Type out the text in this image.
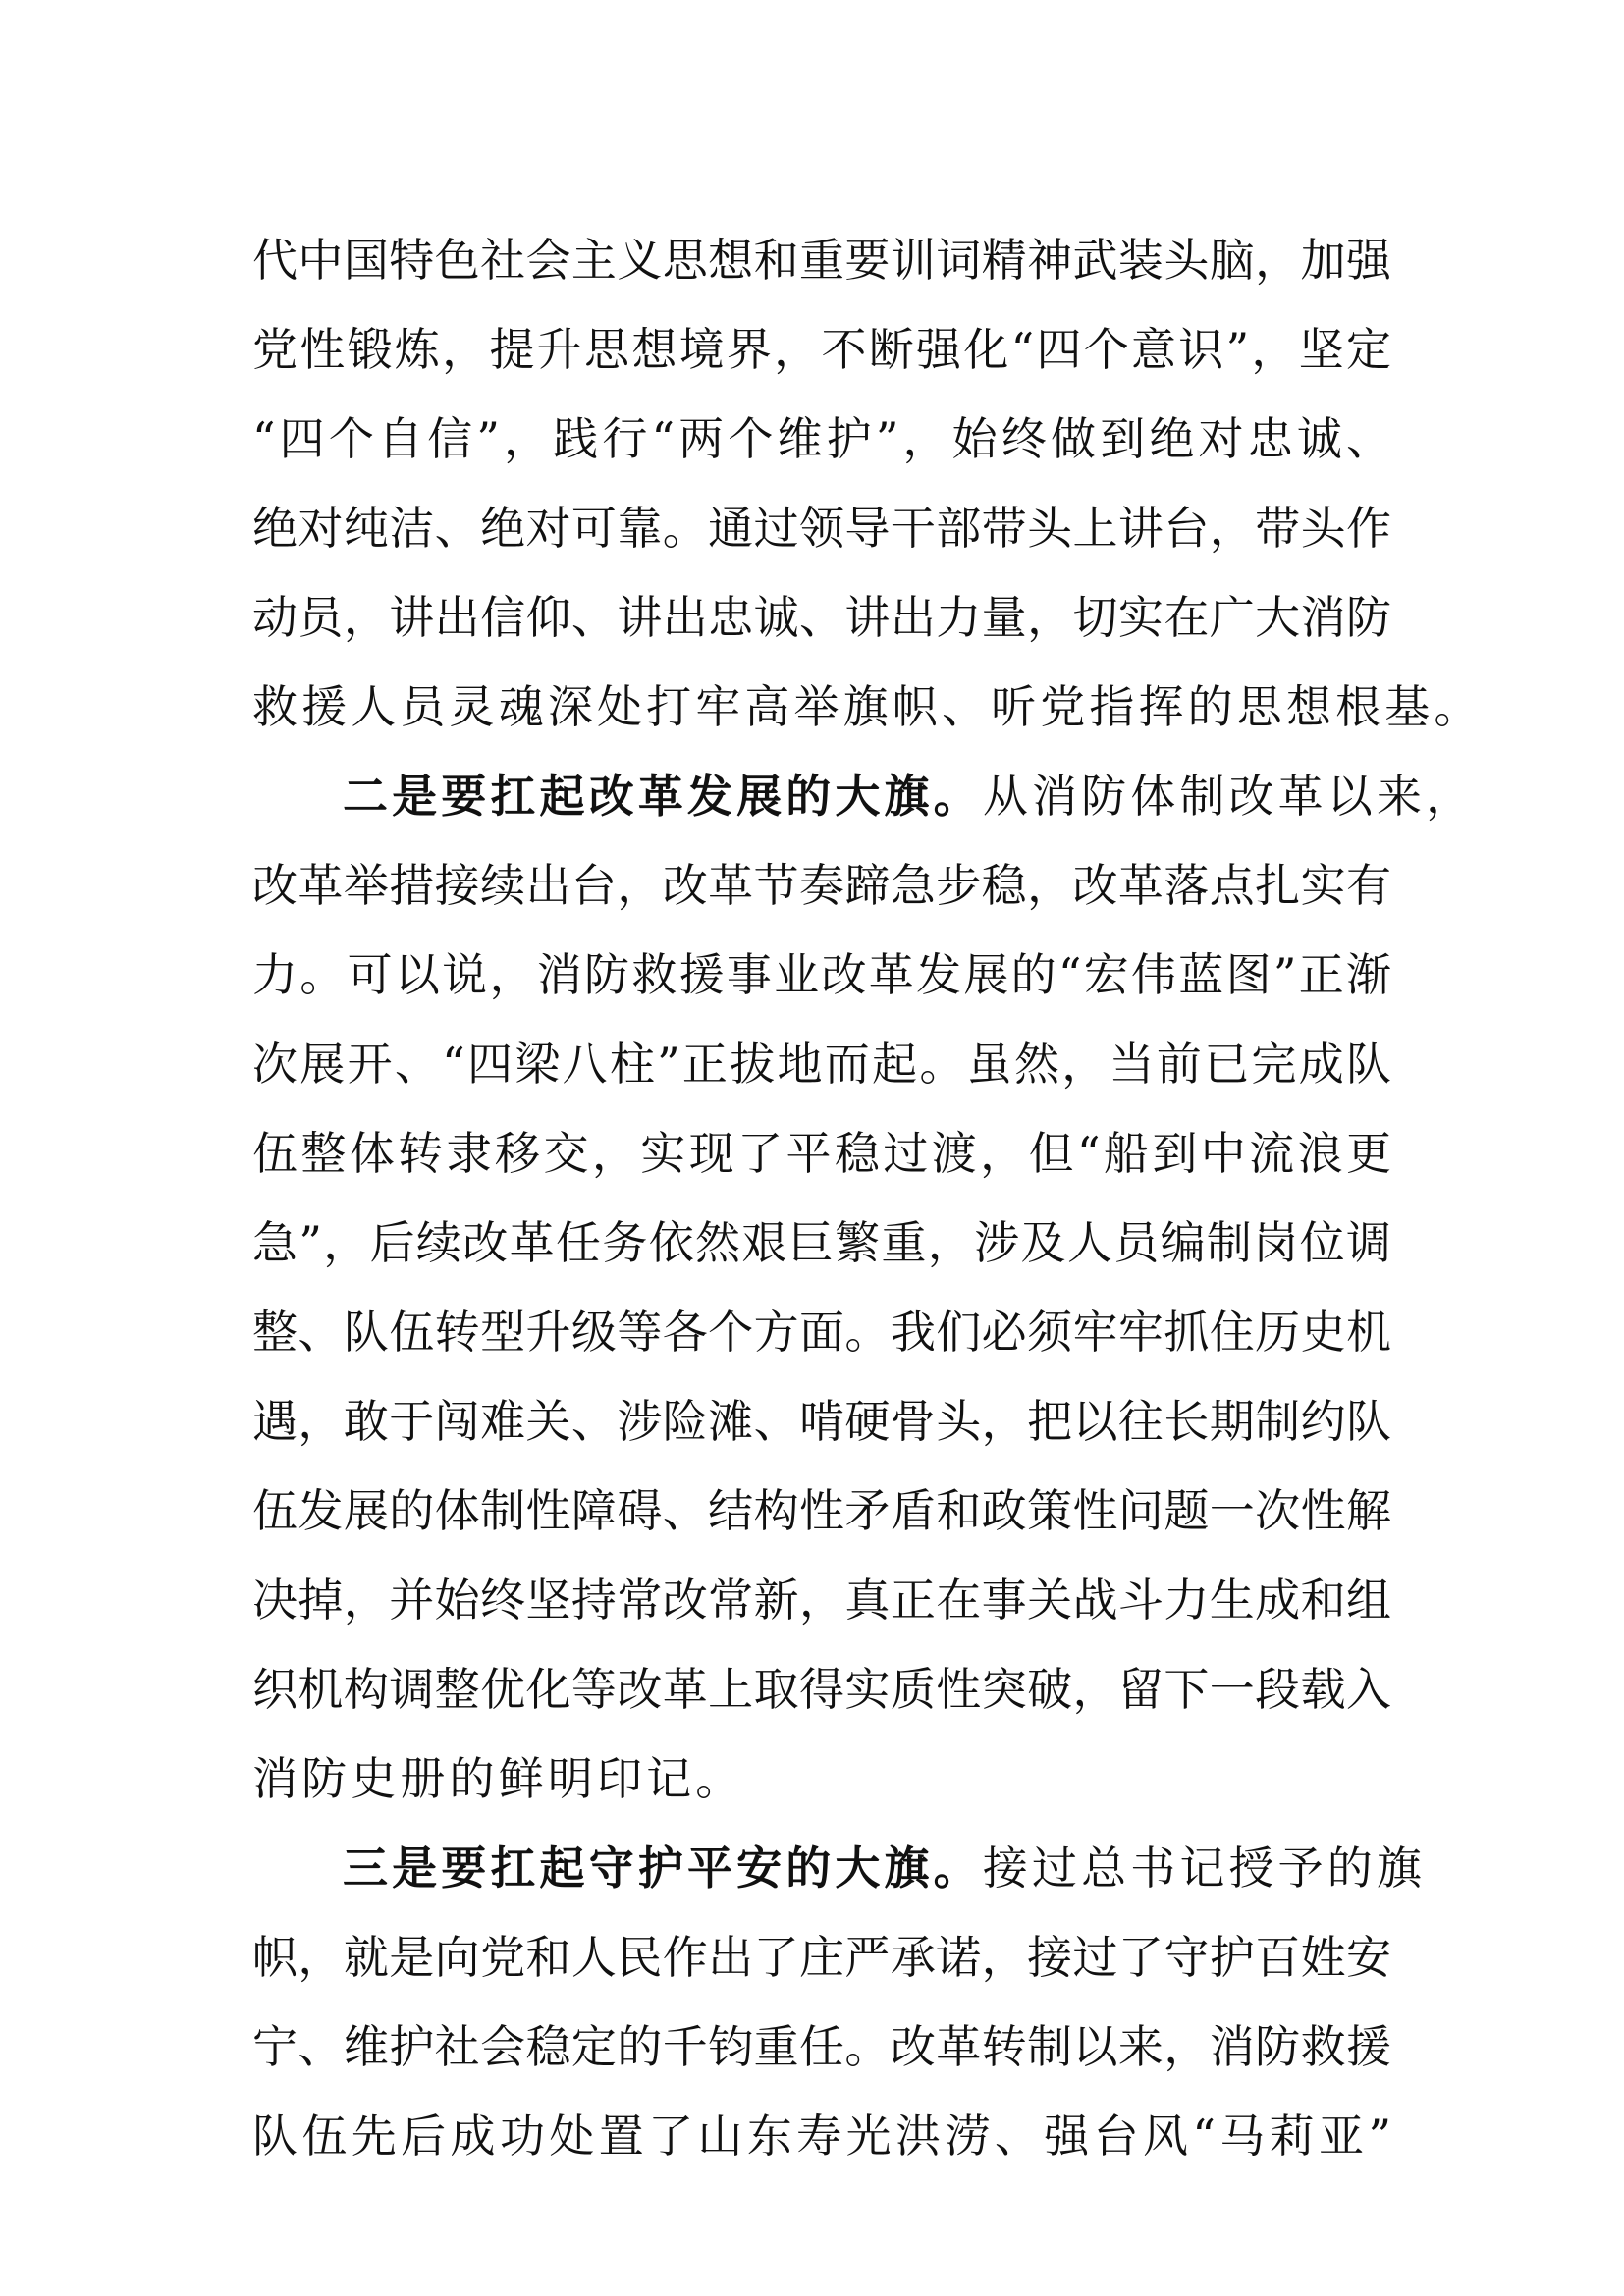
代中国特色社会主义思想和重要训词精神武装头脑，加强
党性锻炼，提升思想境界，不断强化“四个意识”，坚定
“四个自信”，践行“两个维护”，始终做到绝对忠诚、
绝对纯洁、绝对可靠。通过领导干部带头上讲台，带头作
动员，讲出信仰、讲出忠诚、讲出力量，切实在广大消防
救援人员灵魂深处打牢高举旗帜、听党指挥的思想根基。
二是要扛起改革发展的大旗。从消防体制改革以来，
改革举措接续出台，改革节奏蹄急步稳，改革落点扎实有
力。可以说，消防救援事业改革发展的“宏伟蓝图”正渐
次展开、“四梁八柱”正拔地而起。虽然，当前已完成队
伍整体转隶移交，实现了平稳过渡，但“船到中流浪更
急”，后续改革任务依然艰巨繁重，涉及人员编制岗位调
整、队伍转型升级等各个方面。我们必须牢牢抓住历史机
遇，敢于闯难关、涉险滩、啃硬骨头，把以往长期制约队
伍发展的体制性障碍、结构性矛盾和政策性问题一次性解
决掉，并始终坚持常改常新，真正在事关战斗力生成和组
织机构调整优化等改革上取得实质性突破，留下一段载入
消防史册的鲜明印记。
三是要扛起守护平安的大旗。接过总书记授予的旗
帜，就是向党和人民作出了庄严承诺，接过了守护百姓安
宁、维护社会稳定的千钧重任。改革转制以来，消防救援
队伍先后成功处置了山东寿光洪涝、强台风“马莉亚”
